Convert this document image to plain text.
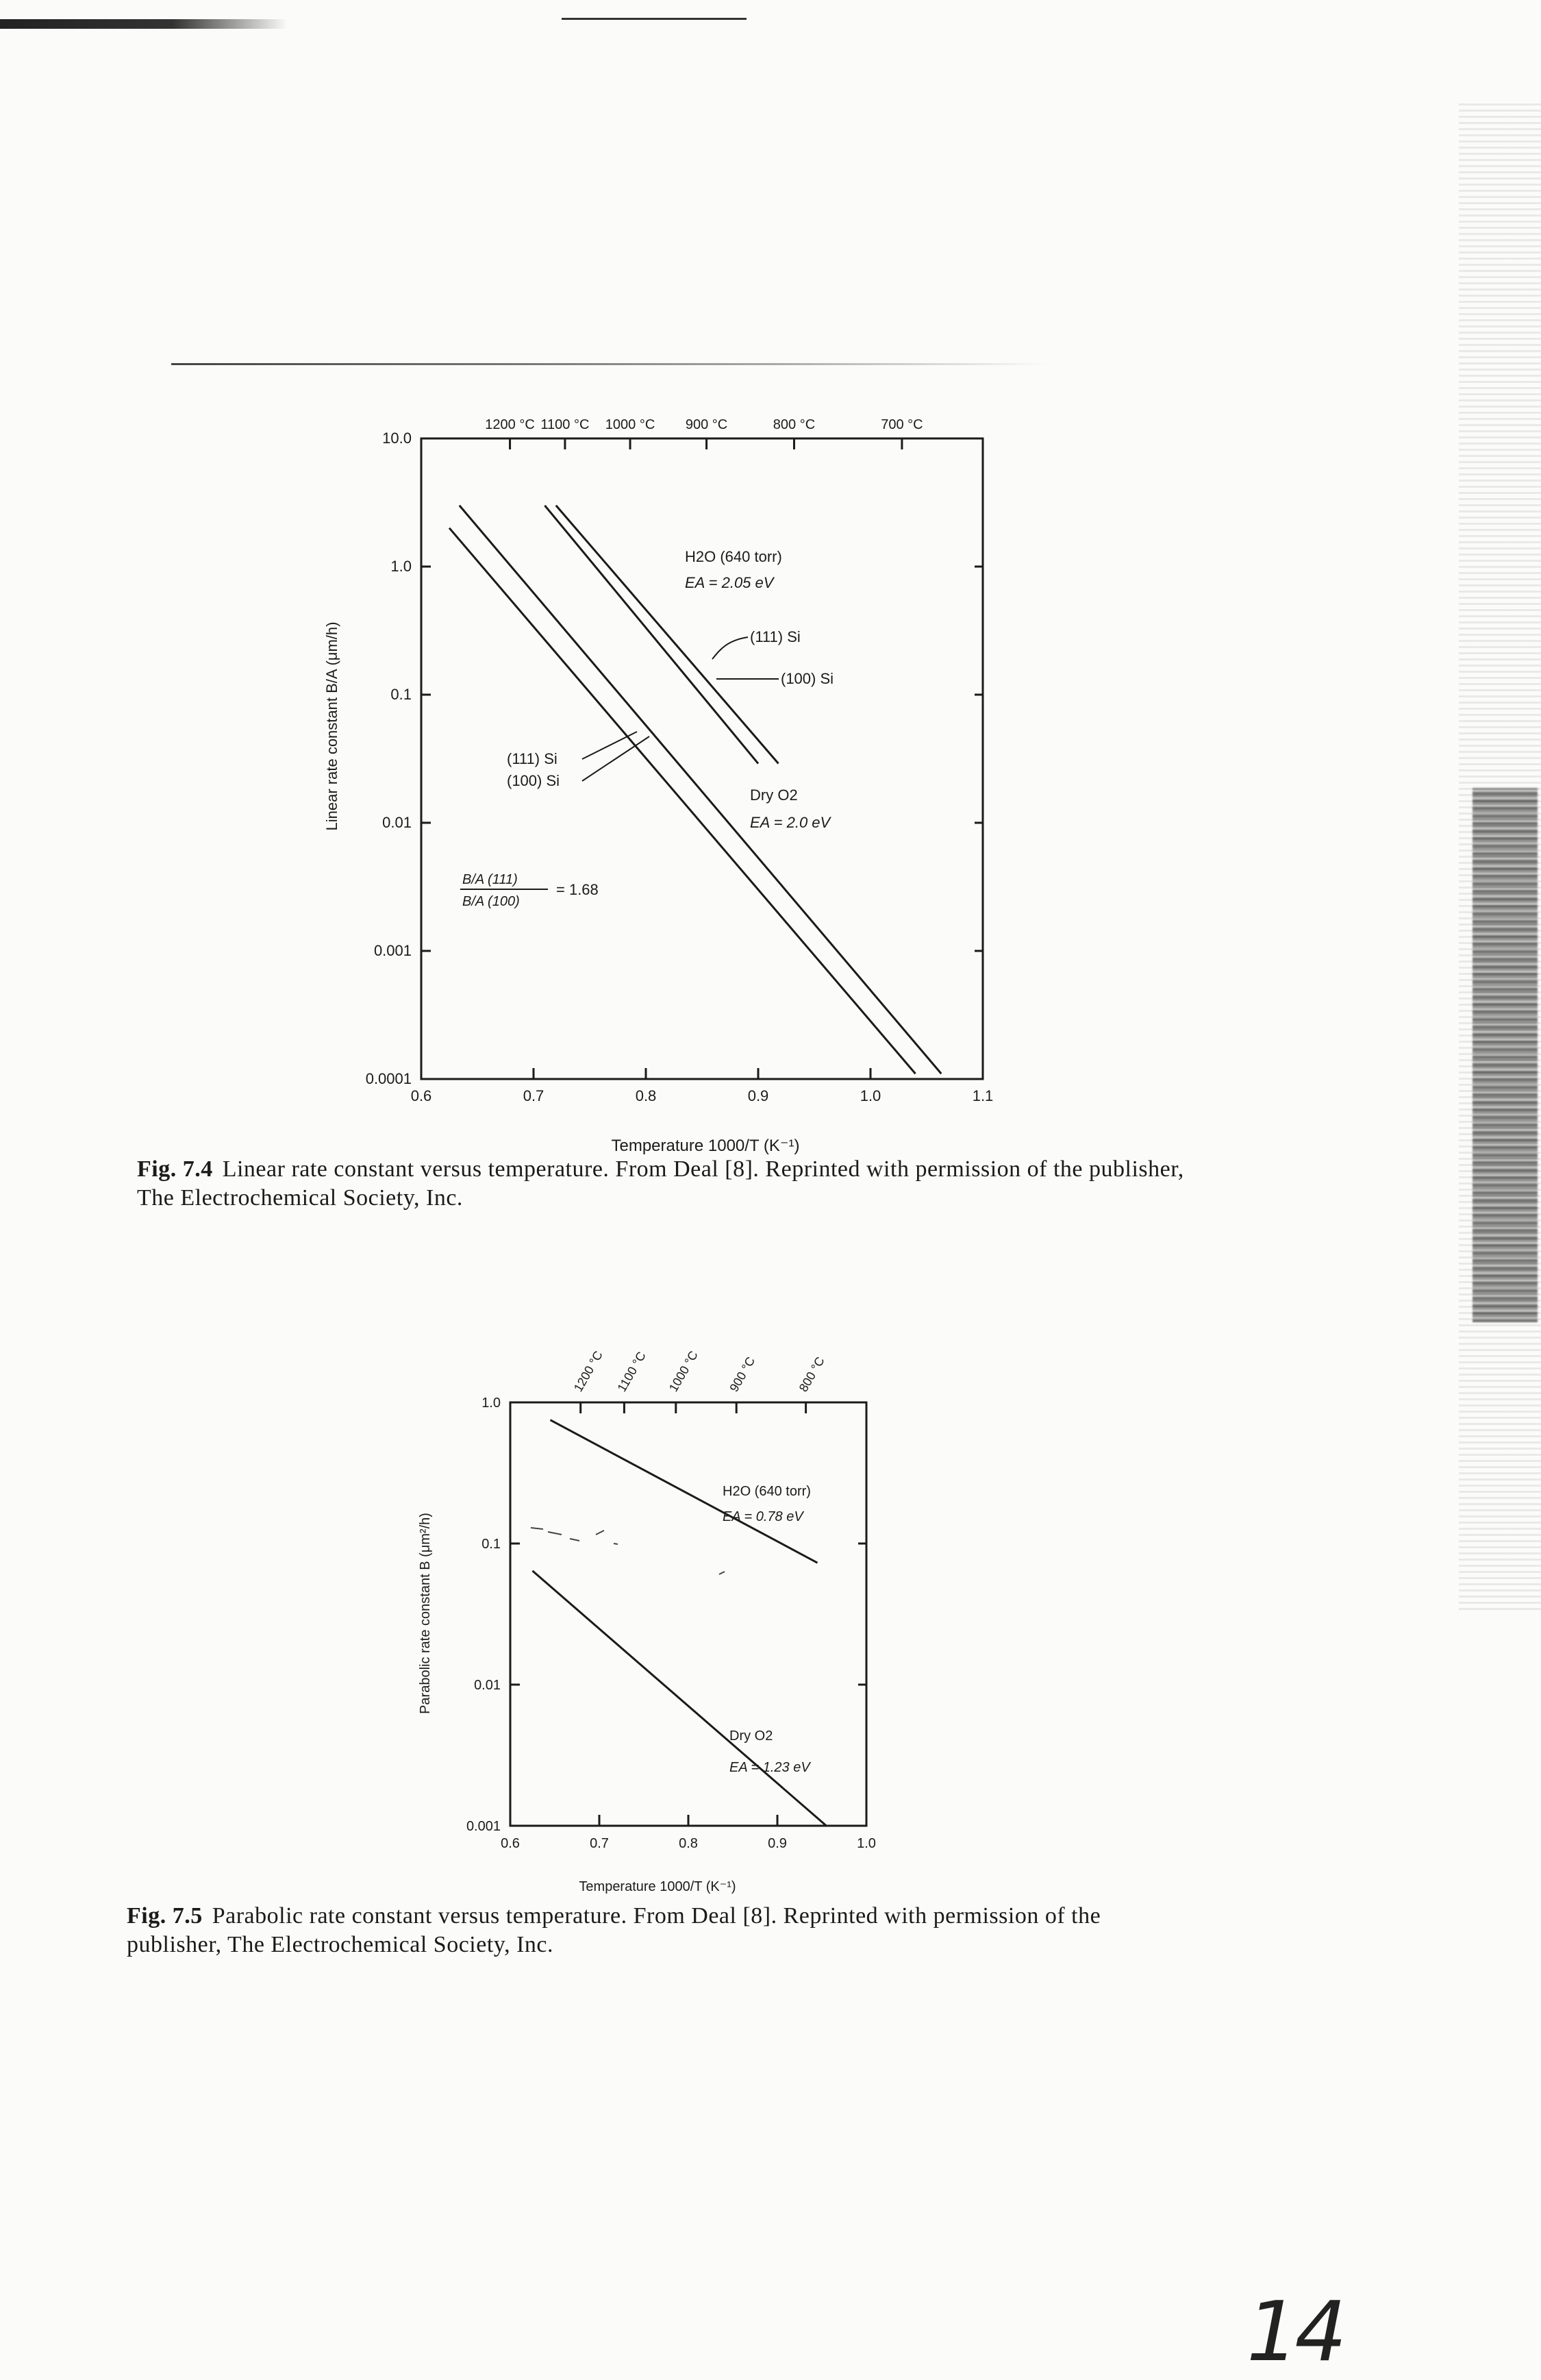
10.0
1.0
0.1
0.01
0.001
0.0001
0.6	0.7	0.8	0.9	1.0	1.1
1200 °C 1100 °C 1000 °C 900 °C	800 °C	700 °C
Linear rate constant B/A (μm/h)
Temperature 1000/T (K⁻¹)
H2O (640 torr)
EA = 2.05 eV
(111) Si
(100) Si
(111) Si
(100) Si
Dry O2
EA = 2.0 eV
B/A (111)
B/A (100)
= 1.68
1.0
0.1
0.01
0.001
0.6	0.7	0.8	0.9	1.0
1200 °C 1100 °C 1000 °C 900 °C	800 °C
Parabolic rate constant B (μm²/h)
Temperature 1000/T (K⁻¹)
H2O (640 torr)
EA = 0.78 eV
Dry O2
EA = 1.23 eV
Fig. 7.4 Linear rate constant versus temperature. From Deal [8]. Reprinted with permission of the publisher, The Electrochemical Society, Inc.
Fig. 7.5 Parabolic rate constant versus temperature. From Deal [8]. Reprinted with permission of the publisher, The Electrochemical Society, Inc.
14
